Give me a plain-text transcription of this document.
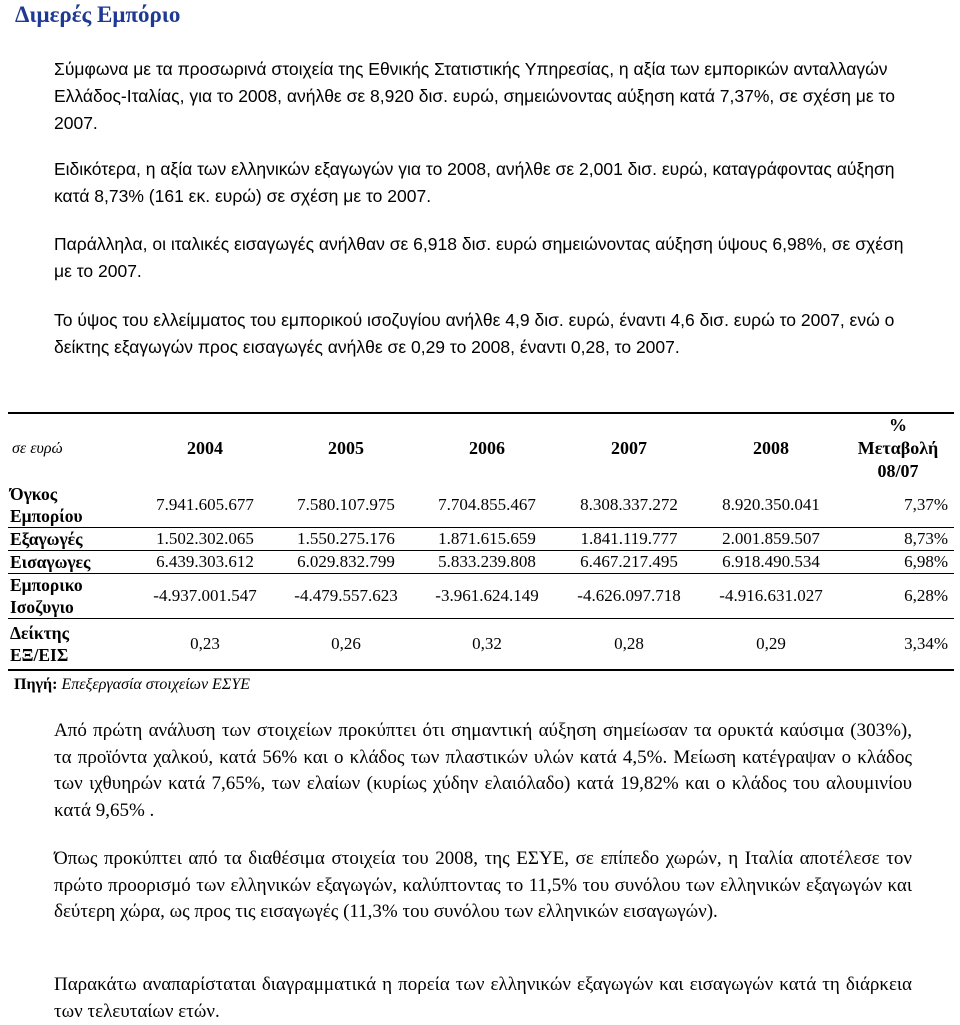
Διμερές Εμπόριο

Σύμφωνα με τα προσωρινά στοιχεία της Εθνικής Στατιστικής Υπηρεσίας, η αξία των εμπορικών ανταλλαγών Ελλάδος-Ιταλίας, για το 2008, ανήλθε σε 8,920 δισ. ευρώ, σημειώνοντας αύξηση κατά 7,37%, σε σχέση με το 2007.

Ειδικότερα, η αξία των ελληνικών εξαγωγών για το 2008, ανήλθε σε 2,001 δισ. ευρώ, καταγράφοντας αύξηση κατά 8,73% (161 εκ. ευρώ) σε σχέση με το 2007.

Παράλληλα, οι ιταλικές εισαγωγές ανήλθαν σε 6,918 δισ. ευρώ σημειώνοντας αύξηση ύψους 6,98%, σε σχέση με το 2007.

Το ύψος του ελλείμματος του εμπορικού ισοζυγίου ανήλθε 4,9 δισ. ευρώ, έναντι 4,6 δισ. ευρώ το 2007, ενώ ο δείκτης εξαγωγών προς εισαγωγές ανήλθε σε 0,29 το 2008, έναντι 0,28, το 2007.

σε ευρώ	2004	2005	2006	2007	2008	%
Μεταβολή
08/07

Όγκος
Εμπορίου	7.941.605.677	7.580.107.975	7.704.855.467	8.308.337.272	8.920.350.041	7,37%

Εξαγωγές	1.502.302.065	1.550.275.176	1.871.615.659	1.841.119.777	2.001.859.507	8,73%

Εισαγωγες	6.439.303.612	6.029.832.799	5.833.239.808	6.467.217.495	6.918.490.534	6,98%

Εμπορικο
Ισοζυγιο	-4.937.001.547	-4.479.557.623	-3.961.624.149	-4.626.097.718	-4.916.631.027	6,28%

Δείκτης
ΕΞ/ΕΙΣ	0,23	0,26	0,32	0,28	0,29	3,34%
Πηγή: Επεξεργασία στοιχείων ΕΣΥΕ

Από πρώτη ανάλυση των στοιχείων προκύπτει ότι σημαντική αύξηση σημείωσαν τα ορυκτά καύσιμα (303%), τα προϊόντα χαλκού, κατά 56% και ο κλάδος των πλαστικών υλών κατά 4,5%. Μείωση κατέγραψαν ο κλάδος των ιχθυηρών κατά 7,65%, των ελαίων (κυρίως χύδην ελαιόλαδο) κατά 19,82% και ο κλάδος του αλουμινίου κατά 9,65% .

Όπως προκύπτει από τα διαθέσιμα στοιχεία του 2008, της ΕΣΥΕ, σε επίπεδο χωρών, η Ιταλία αποτέλεσε τον πρώτο προορισμό των ελληνικών εξαγωγών, καλύπτοντας το 11,5% του συνόλου των ελληνικών εξαγωγών και δεύτερη χώρα, ως προς τις εισαγωγές (11,3% του συνόλου των ελληνικών εισαγωγών).

Παρακάτω αναπαρίσταται διαγραμματικά η πορεία των ελληνικών εξαγωγών και εισαγωγών κατά τη διάρκεια των τελευταίων ετών.
